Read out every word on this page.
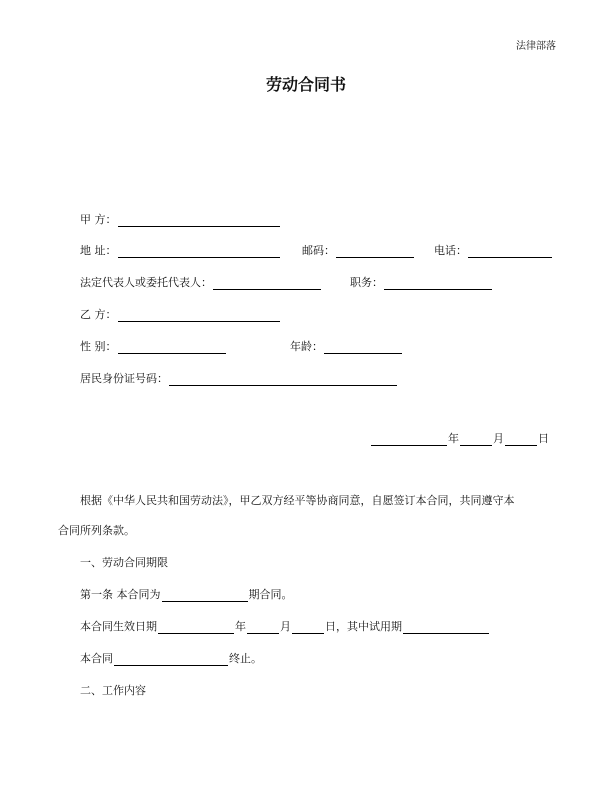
法律部落
劳动合同书
甲 方：
地 址：	邮码：	电话：
法定代表人或委托代表人：	职务：
乙 方：
性 别：	年龄：
居民身份证号码：
年	月	日
根据《中华人民共和国劳动法》，甲乙双方经平等协商同意，自愿签订本合同，共同遵守本
合同所列条款。
一、劳动合同期限
第一条 本合同为	期合同。
本合同生效日期	年	月	日，其中试用期
本合同	终止。
二、工作内容
